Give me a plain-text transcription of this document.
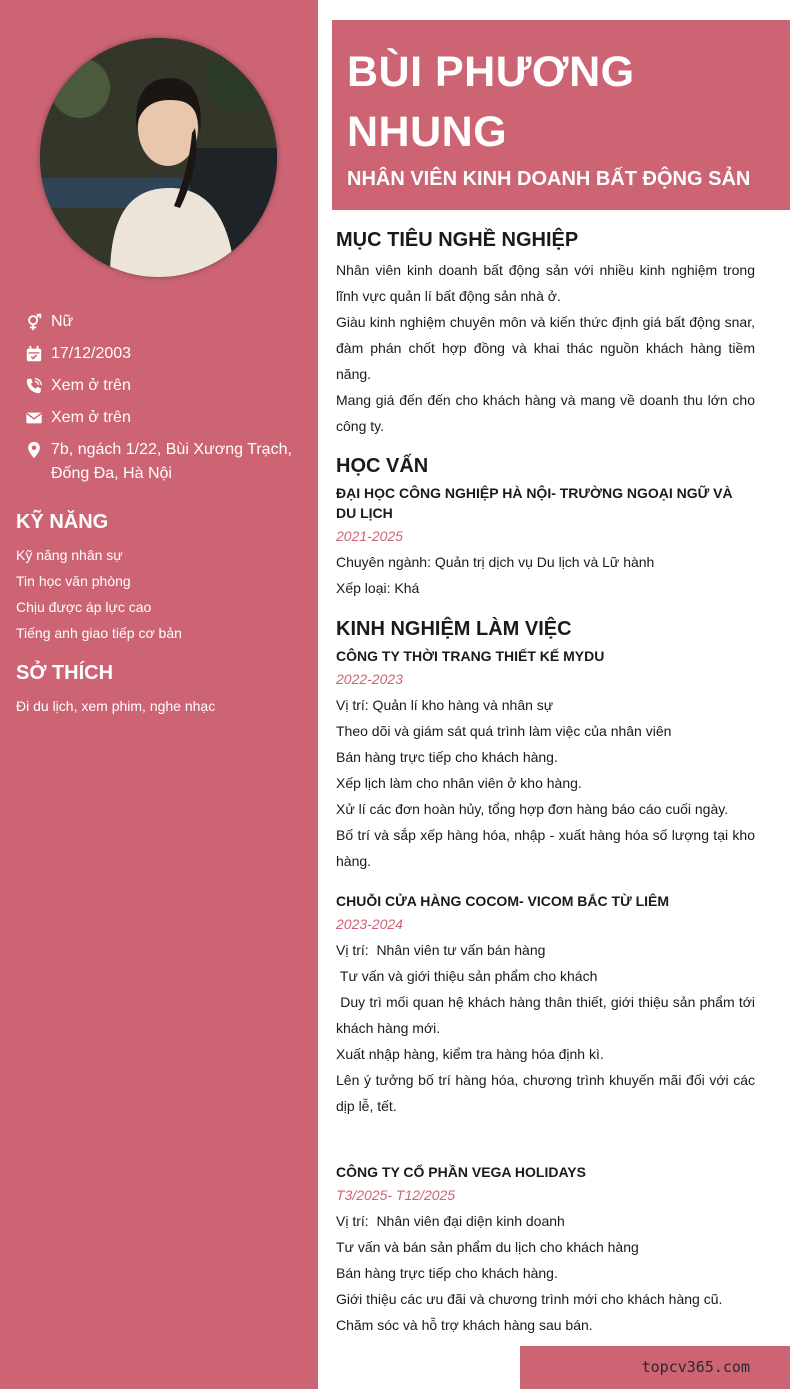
Nữ
17/12/2003
Xem ở trên
Xem ở trên
7b, ngách 1/22, Bùi Xương Trạch, Đống Đa, Hà Nội
KỸ NĂNG
Kỹ năng nhân sự
Tin học văn phòng
Chịu được áp lực cao
Tiếng anh giao tiếp cơ bản
SỞ THÍCH
Đi du lịch, xem phim, nghe nhạc
BÙI PHƯƠNG NHUNG
NHÂN VIÊN KINH DOANH BẤT ĐỘNG SẢN
MỤC TIÊU NGHỀ NGHIỆP
Nhân viên kinh doanh bất động sản với nhiều kinh nghiệm trong lĩnh vực quản lí bất động sản nhà ở.
Giàu kinh nghiệm chuyên môn và kiến thức định giá bất động snar, đàm phán chốt hợp đồng và khai thác nguồn khách hàng tiềm năng.
Mang giá đến đến cho khách hàng và mang về doanh thu lớn cho công ty.
HỌC VẤN
ĐẠI HỌC CÔNG NGHIỆP HÀ NỘI- TRƯỜNG NGOẠI NGỮ VÀ DU LỊCH
2021-2025
Chuyên ngành: Quản trị dịch vụ Du lịch và Lữ hành
Xếp loại: Khá
KINH NGHIỆM LÀM VIỆC
CÔNG TY THỜI TRANG THIẾT KẾ MYDU
2022-2023
Vị trí: Quản lí kho hàng và nhân sự
Theo dõi và giám sát quá trình làm việc của nhân viên
Bán hàng trực tiếp cho khách hàng.
Xếp lịch làm cho nhân viên ở kho hàng.
Xử lí các đơn hoàn hủy, tổng hợp đơn hàng báo cáo cuối ngày.
Bố trí và sắp xếp hàng hóa, nhập - xuất hàng hóa số lượng tại kho hàng.
CHUỖI CỬA HÀNG COCOM- VICOM BẮC TỪ LIÊM
2023-2024
Vị trí:  Nhân viên tư vấn bán hàng
Tư vấn và giới thiệu sản phẩm cho khách
Duy trì mối quan hệ khách hàng thân thiết, giới thiệu sản phẩm tới khách hàng mới.
Xuất nhập hàng, kiểm tra hàng hóa định kì.
Lên ý tưởng bố trí hàng hóa, chương trình khuyến mãi đối với các dịp lễ, tết.
CÔNG TY CỔ PHẦN VEGA HOLIDAYS
T3/2025- T12/2025
Vị trí:  Nhân viên đại diện kinh doanh
Tư vấn và bán sản phẩm du lịch cho khách hàng
Bán hàng trực tiếp cho khách hàng.
Giới thiệu các ưu đãi và chương trình mới cho khách hàng cũ.
Chăm sóc và hỗ trợ khách hàng sau bán.
topcv365.com
